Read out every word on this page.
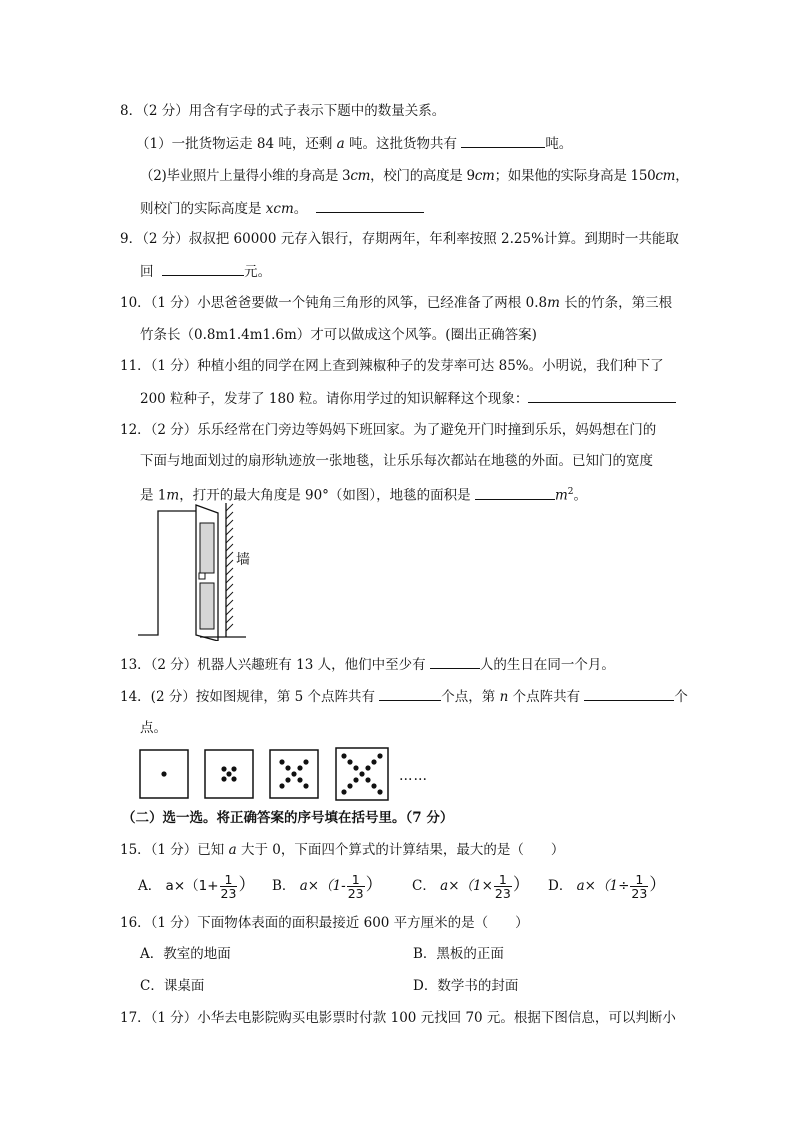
8．（2 分）用含有字母的式子表示下题中的数量关系。
（1）一批货物运走 84 吨，还剩 a 吨。这批货物共有	吨。
（2)毕业照片上量得小维的身高是 3cm，校门的高度是 9cm；如果他的实际身高是 150cm，
则校门的实际高度是 xcm。
9．（2 分）叔叔把 60000 元存入银行，存期两年，年利率按照 2.25%计算。到期时一共能取
回	元。
10．（1 分）小思爸爸要做一个钝角三角形的风筝，已经准备了两根 0.8m 长的竹条，第三根
竹条长（0.8m1.4m1.6m）才可以做成这个风筝。(圈出正确答案)
11．（1 分）种植小组的同学在网上查到辣椒种子的发芽率可达 85%。小明说，我们种下了
200 粒种子，发芽了 180 粒。请你用学过的知识解释这个现象：
12．（2 分）乐乐经常在门旁边等妈妈下班回家。为了避免开门时撞到乐乐，妈妈想在门的
下面与地面划过的扇形轨迹放一张地毯，让乐乐每次都站在地毯的外面。已知门的宽度
是 1m，打开的最大角度是 90°（如图），地毯的面积是	$m^2$。
墙
13．（2 分）机器人兴趣班有 13 人，他们中至少有	人的生日在同一个月。
14．(2 分）按如图规律，第 5 个点阵共有	个点，第 n 个点阵共有	个
点。
……
（二）选一选。将正确答案的序号填在括号里。（7 分）
15．（1 分）已知 a 大于 0，下面四个算式的计算结果，最大的是（　　）
A． $a\times(1+ \frac{1}{23}$ ） B． $a\times(1- \frac{1}{23}$ ） C． $a\times(1\times \frac{1}{23}$ ） D． $a\times(1\div \frac{1}{23}$ ）
16．（1 分）下面物体表面的面积最接近 600 平方厘米的是（　　）
A．教室的地面	B．黑板的正面
C．课桌面	D．数学书的封面
17．（1 分）小华去电影院购买电影票时付款 100 元找回 70 元。根据下图信息，可以判断小
